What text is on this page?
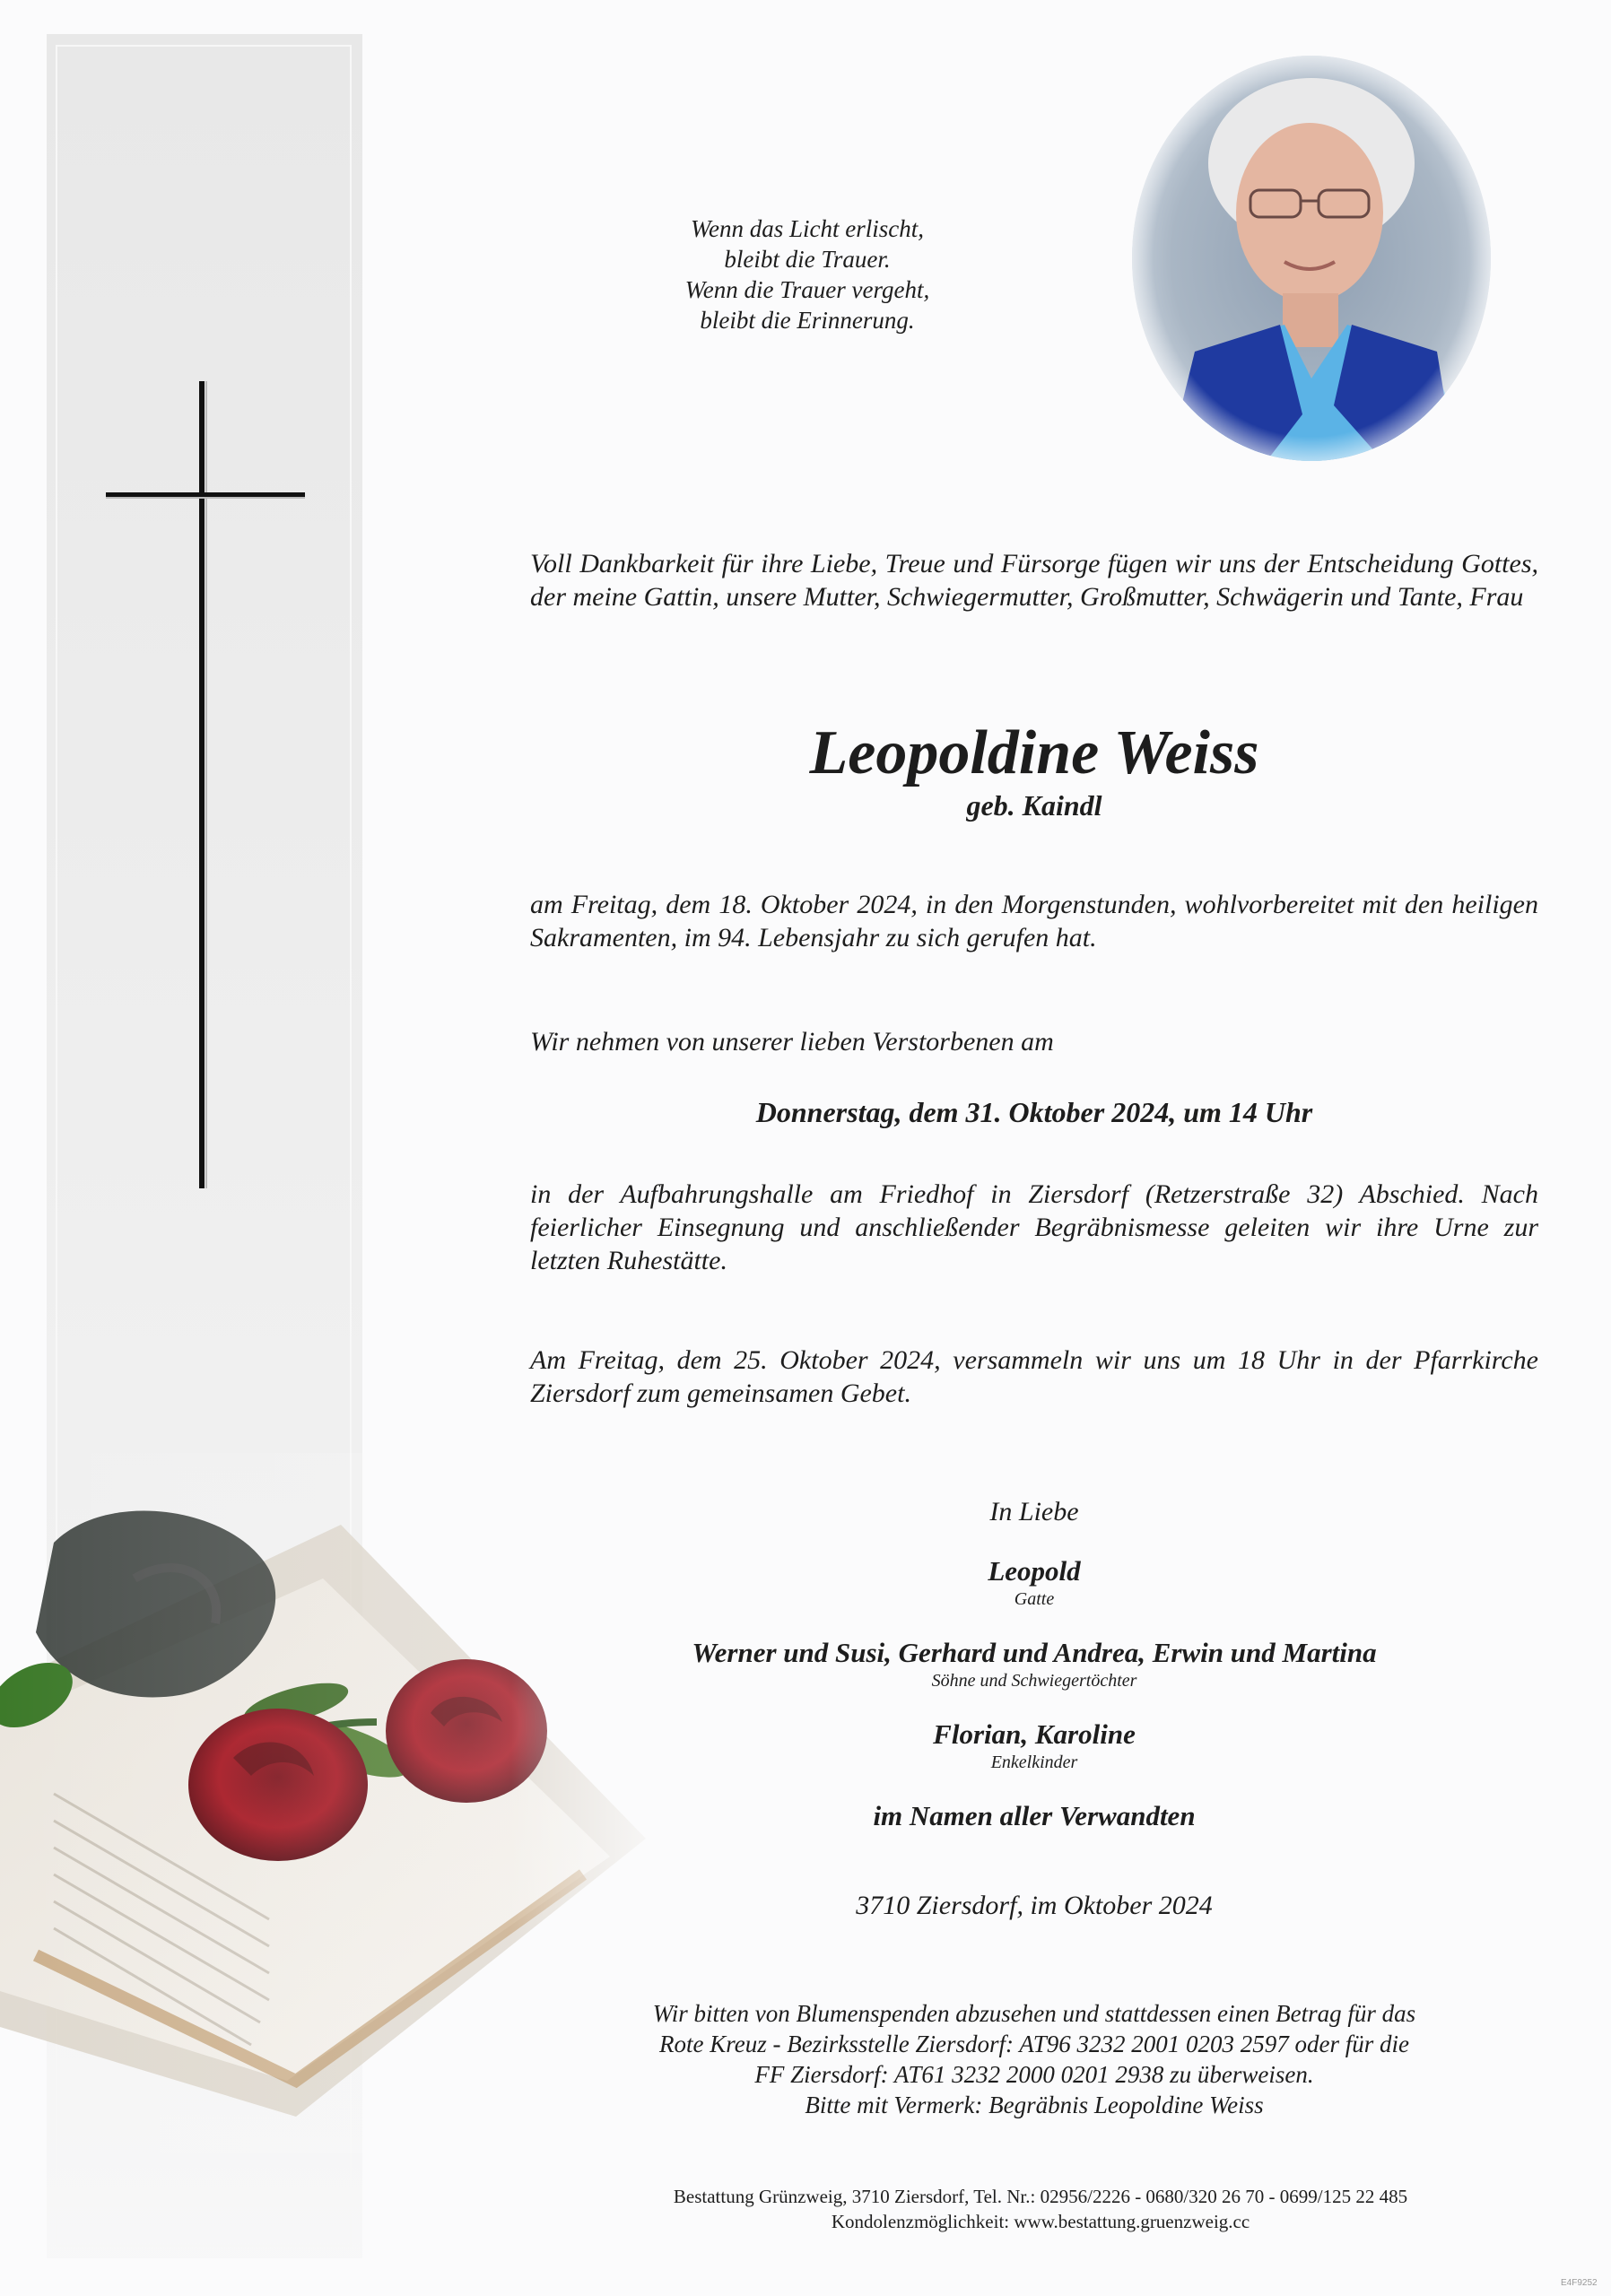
Wenn das Licht erlischt,
bleibt die Trauer.
Wenn die Trauer vergeht,
bleibt die Erinnerung.
Voll Dankbarkeit für ihre Liebe, Treue und Fürsorge fügen wir uns der Entscheidung Gottes, der meine Gattin, unsere Mutter, Schwiegermutter, Großmutter, Schwägerin und Tante, Frau
Leopoldine Weiss
geb. Kaindl
am Freitag, dem 18. Oktober 2024, in den Morgenstunden, wohlvorbereitet mit den heiligen Sakramenten, im 94. Lebensjahr zu sich gerufen hat.
Wir nehmen von unserer lieben Verstorbenen am
Donnerstag, dem 31. Oktober 2024, um 14 Uhr
in der Aufbahrungshalle am Friedhof in Ziersdorf (Retzerstraße 32) Abschied. Nach feierlicher Einsegnung und anschließender Begräbnismesse geleiten wir ihre Urne zur letzten Ruhestätte.
Am Freitag, dem 25. Oktober 2024, versammeln wir uns um 18 Uhr in der Pfarrkirche Ziersdorf zum gemeinsamen Gebet.
In Liebe
Leopold
Gatte
Werner und Susi, Gerhard und Andrea, Erwin und Martina
Söhne und Schwiegertöchter
Florian, Karoline
Enkelkinder
im Namen aller Verwandten
3710 Ziersdorf, im Oktober 2024
Wir bitten von Blumenspenden abzusehen und stattdessen einen Betrag für das
Rote Kreuz - Bezirksstelle Ziersdorf: AT96 3232 2001 0203 2597 oder für die
FF Ziersdorf: AT61 3232 2000 0201 2938 zu überweisen.
Bitte mit Vermerk: Begräbnis Leopoldine Weiss
Bestattung Grünzweig, 3710 Ziersdorf, Tel. Nr.: 02956/2226 - 0680/320 26 70 - 0699/125 22 485
Kondolenzmöglichkeit: www.bestattung.gruenzweig.cc
E4F9252
